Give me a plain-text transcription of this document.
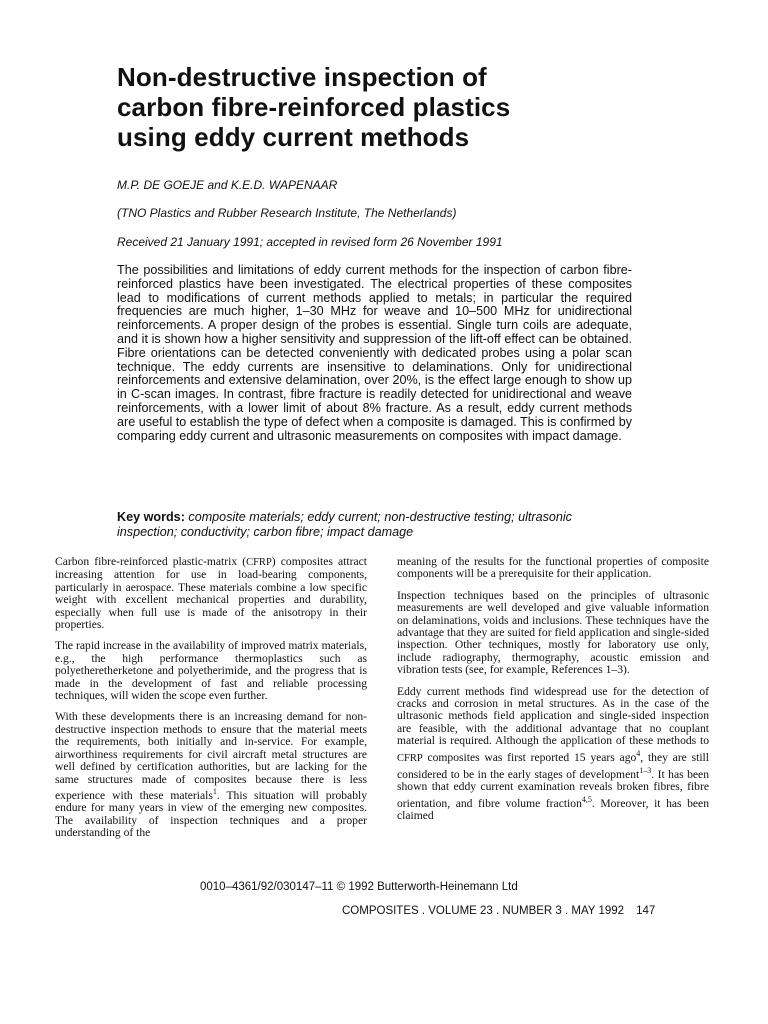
Non-destructive inspection of
carbon fibre-reinforced plastics
using eddy current methods

M.P. DE GOEJE and K.E.D. WAPENAAR

(TNO Plastics and Rubber Research Institute, The Netherlands)

Received 21 January 1991; accepted in revised form 26 November 1991

The possibilities and limitations of eddy current methods for the inspection of carbon fibre-reinforced plastics have been investigated. The electrical properties of these composites lead to modifications of current methods applied to metals; in particular the required frequencies are much higher, 1–30 MHz for weave and 10–500 MHz for unidirectional reinforcements. A proper design of the probes is essential. Single turn coils are adequate, and it is shown how a higher sensitivity and suppression of the lift-off effect can be obtained. Fibre orientations can be detected conveniently with dedicated probes using a polar scan technique. The eddy currents are insensitive to delaminations. Only for unidirectional reinforcements and extensive delamination, over 20%, is the effect large enough to show up in C-scan images. In contrast, fibre fracture is readily detected for unidirectional and weave reinforcements, with a lower limit of about 8% fracture. As a result, eddy current methods are useful to establish the type of defect when a composite is damaged. This is confirmed by comparing eddy current and ultrasonic measurements on composites with impact damage.

Key words: composite materials; eddy current; non-destructive testing; ultrasonic inspection; conductivity; carbon fibre; impact damage

Carbon fibre-reinforced plastic-matrix (CFRP) composites attract increasing attention for use in load-bearing components, particularly in aerospace. These materials combine a low specific weight with excellent mechanical properties and durability, especially when full use is made of the anisotropy in their properties.

The rapid increase in the availability of improved matrix materials, e.g., the high performance thermoplastics such as polyetheretherketone and polyetherimide, and the progress that is made in the development of fast and reliable processing techniques, will widen the scope even further.

With these developments there is an increasing demand for non-destructive inspection methods to ensure that the material meets the requirements, both initially and in-service. For example, airworthiness requirements for civil aircraft metal structures are well defined by certification authorities, but are lacking for the same structures made of composites because there is less experience with these materials$^1$. This situation will probably endure for many years in view of the emerging new composites. The availability of inspection techniques and a proper understanding of the

meaning of the results for the functional properties of composite components will be a prerequisite for their application.

Inspection techniques based on the principles of ultrasonic measurements are well developed and give valuable information on delaminations, voids and inclusions. These techniques have the advantage that they are suited for field application and single-sided inspection. Other techniques, mostly for laboratory use only, include radiography, thermography, acoustic emission and vibration tests (see, for example, References 1–3).

Eddy current methods find widespread use for the detection of cracks and corrosion in metal structures. As in the case of the ultrasonic methods field application and single-sided inspection are feasible, with the additional advantage that no couplant material is required. Although the application of these methods to CFRP composites was first reported 15 years ago$^4$, they are still considered to be in the early stages of development$^{1-3}$. It has been shown that eddy current examination reveals broken fibres, fibre orientation, and fibre volume fraction$^{4,5}$. Moreover, it has been claimed

0010–4361/92/030147–11 © 1992 Butterworth-Heinemann Ltd

COMPOSITES . VOLUME 23 . NUMBER 3 . MAY 1992 147
